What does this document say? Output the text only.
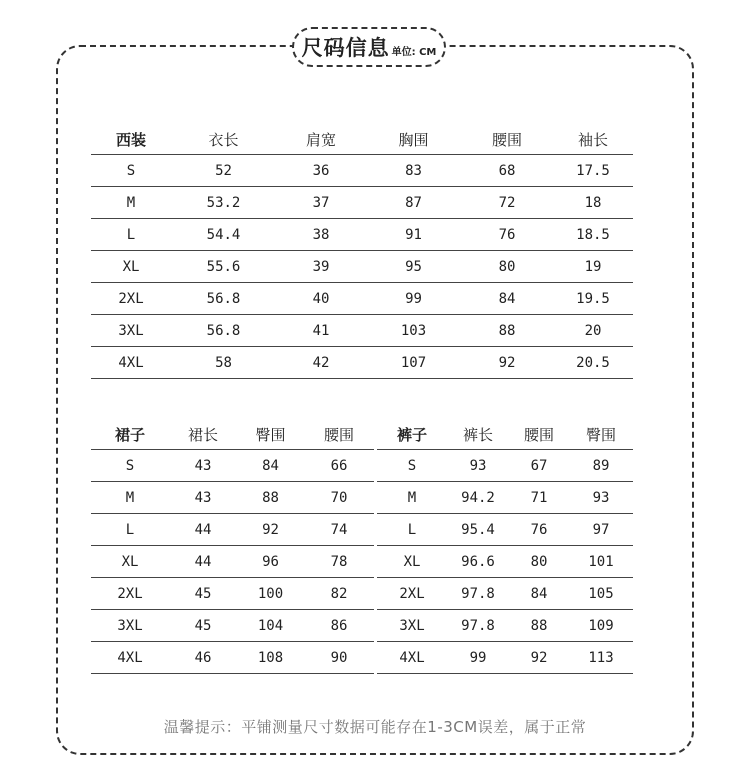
尺码信息 单位: CM
西装	衣长	肩宽	胸围	腰围	袖长
S	52	36	83	68	17.5
M	53.2	37	87	72	18
L	54.4	38	91	76	18.5
XL	55.6	39	95	80	19
2XL	56.8	40	99	84	19.5
3XL	56.8	41	103	88	20
4XL	58	42	107	92	20.5
裙子	裙长	臀围	腰围
S	43	84	66
M	43	88	70
L	44	92	74
XL	44	96	78
2XL	45	100	82
3XL	45	104	86
4XL	46	108	90
裤子	裤长	腰围	臀围
S	93	67	89
M	94.2	71	93
L	95.4	76	97
XL	96.6	80	101
2XL	97.8	84	105
3XL	97.8	88	109
4XL	99	92	113
温馨提示：平铺测量尺寸数据可能存在1-3CM误差，属于正常
